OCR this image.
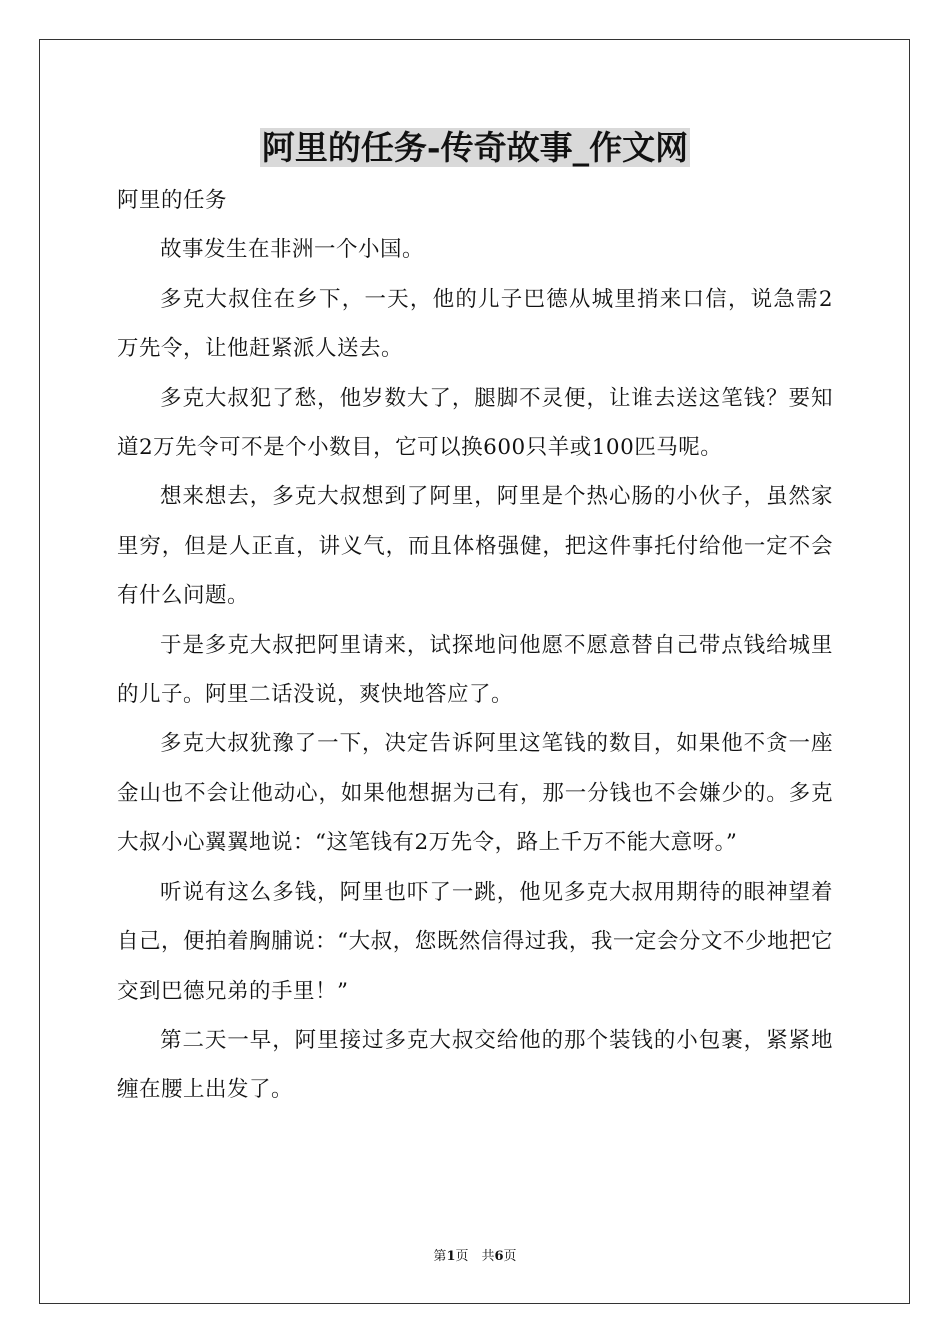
阿里的任务-传奇故事_作文网

阿里的任务

故事发生在非洲一个小国。

多克大叔住在乡下，一天，他的儿子巴德从城里捎来口信，说急需2万先令，让他赶紧派人送去。

多克大叔犯了愁，他岁数大了，腿脚不灵便，让谁去送这笔钱？要知道2万先令可不是个小数目，它可以换600只羊或100匹马呢。

想来想去，多克大叔想到了阿里，阿里是个热心肠的小伙子，虽然家里穷，但是人正直，讲义气，而且体格强健，把这件事托付给他一定不会有什么问题。

于是多克大叔把阿里请来，试探地问他愿不愿意替自己带点钱给城里的儿子。阿里二话没说，爽快地答应了。

多克大叔犹豫了一下，决定告诉阿里这笔钱的数目，如果他不贪一座金山也不会让他动心，如果他想据为己有，那一分钱也不会嫌少的。多克大叔小心翼翼地说：“这笔钱有2万先令，路上千万不能大意呀。”

听说有这么多钱，阿里也吓了一跳，他见多克大叔用期待的眼神望着自己，便拍着胸脯说：“大叔，您既然信得过我，我一定会分文不少地把它交到巴德兄弟的手里！”

第二天一早，阿里接过多克大叔交给他的那个装钱的小包裹，紧紧地缠在腰上出发了。

第1页　共6页
